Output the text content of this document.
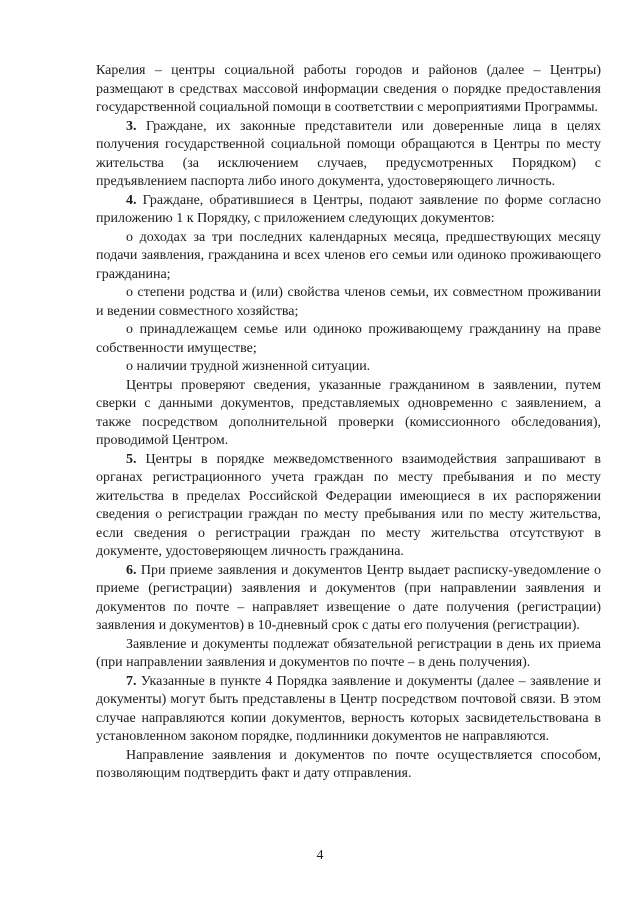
Карелия – центры социальной работы городов и районов (далее – Центры) размещают в средствах массовой информации сведения о порядке предоставления государственной социальной помощи в соответствии с мероприятиями Программы.

3. Граждане, их законные представители или доверенные лица в целях получения государственной социальной помощи обращаются в Центры по месту жительства (за исключением случаев, предусмотренных Порядком) с предъявлением паспорта либо иного документа, удостоверяющего личность.

4. Граждане, обратившиеся в Центры, подают заявление по форме согласно приложению 1 к Порядку, с приложением следующих документов:

о доходах за три последних календарных месяца, предшествующих месяцу подачи заявления, гражданина и всех членов его семьи или одиноко проживающего гражданина;

о степени родства и (или) свойства членов семьи, их совместном проживании и ведении совместного хозяйства;

о принадлежащем семье или одиноко проживающему гражданину на праве собственности имуществе;

о наличии трудной жизненной ситуации.

Центры проверяют сведения, указанные гражданином в заявлении, путем сверки с данными документов, представляемых одновременно с заявлением, а также посредством дополнительной проверки (комиссионного обследования), проводимой Центром.

5. Центры в порядке межведомственного взаимодействия запрашивают в органах регистрационного учета граждан по месту пребывания и по месту жительства в пределах Российской Федерации имеющиеся в их распоряжении сведения о регистрации граждан по месту пребывания или по месту жительства, если сведения о регистрации граждан по месту жительства отсутствуют в документе, удостоверяющем личность гражданина.

6. При приеме заявления и документов Центр выдает расписку-уведомление о приеме (регистрации) заявления и документов (при направлении заявления и документов по почте – направляет извещение о дате получения (регистрации) заявления и документов) в 10-дневный срок с даты его получения (регистрации).

Заявление и документы подлежат обязательной регистрации в день их приема (при направлении заявления и документов по почте – в день получения).

7. Указанные в пункте 4 Порядка заявление и документы (далее – заявление и документы) могут быть представлены в Центр посредством почтовой связи. В этом случае направляются копии документов, верность которых засвидетельствована в установленном законом порядке, подлинники документов не направляются.

Направление заявления и документов по почте осуществляется способом, позволяющим подтвердить факт и дату отправления.

4
